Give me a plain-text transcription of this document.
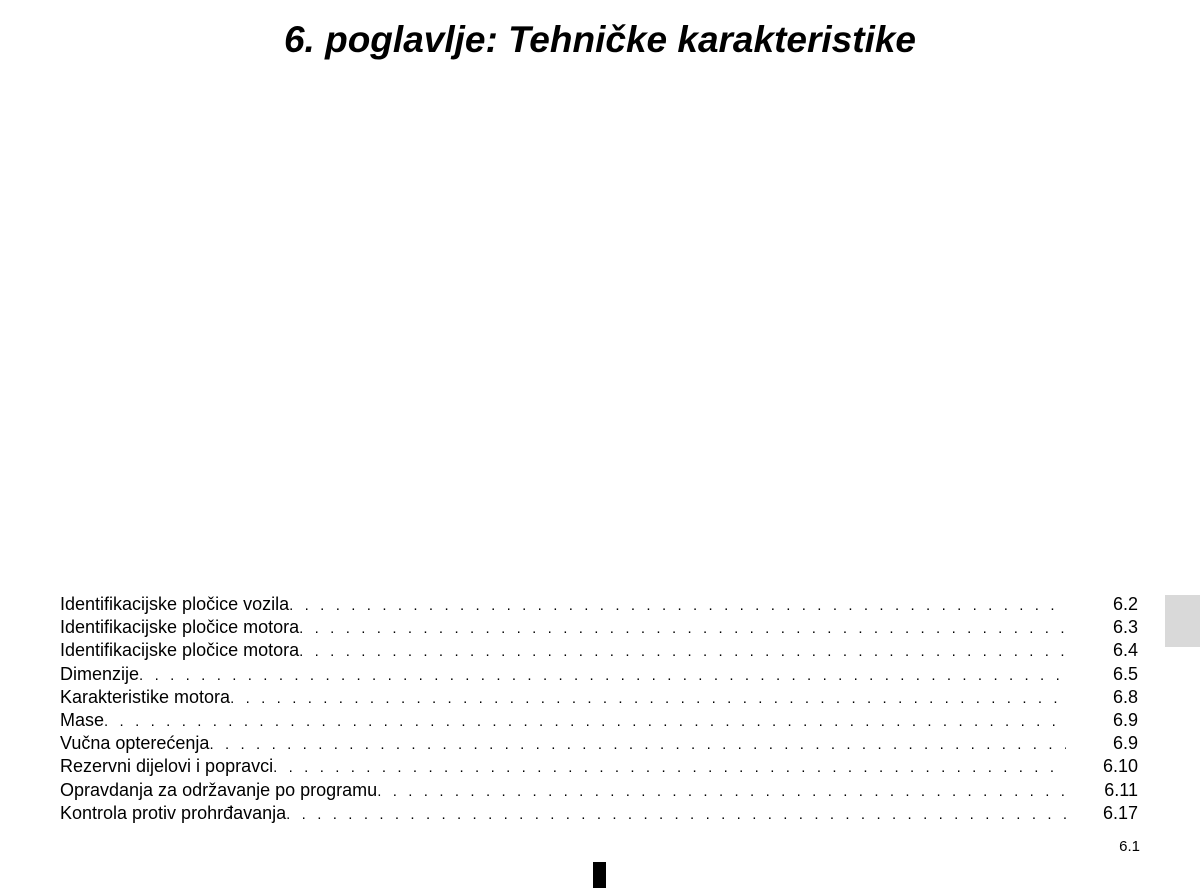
6. poglavlje: Tehničke karakteristike
Identifikacijske pločice vozila . . .	6.2
Identifikacijske pločice motora . . .	6.3
Identifikacijske pločice motora . . .	6.4
Dimenzije . . .	6.5
Karakteristike motora . . .	6.8
Mase . . .	6.9
Vučna opterećenja . . .	6.9
Rezervni dijelovi i popravci . . .	6.10
Opravdanja za održavanje po programu . . .	6.11
Kontrola protiv prohrđavanja . . .	6.17
6.1
